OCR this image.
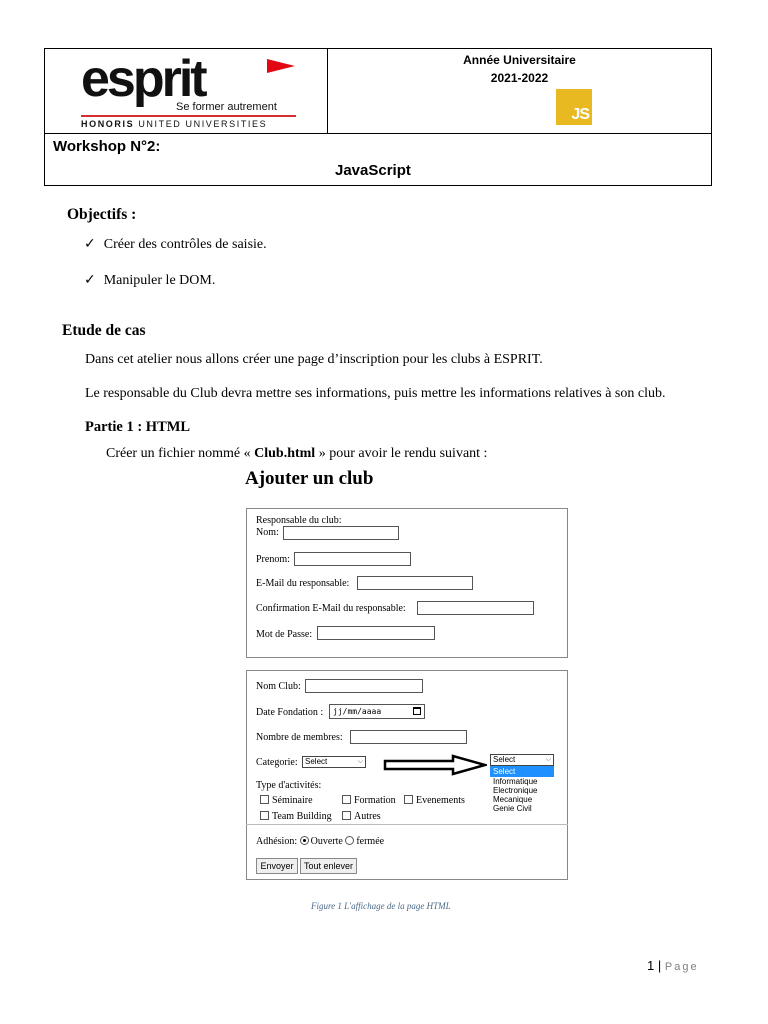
esprit
Se former autrement
HONORIS UNITED UNIVERSITIES
Année Universitaire
2021-2022
JS
Workshop N°2:
JavaScript
Objectifs :
✓ Créer des contrôles de saisie.
✓ Manipuler le DOM.
Etude de cas
Dans cet atelier nous allons créer une page d’inscription pour les clubs à ESPRIT.
Le responsable du Club devra mettre ses informations, puis mettre les informations relatives à son club.
Partie 1 : HTML
Créer un fichier nommé « Club.html » pour avoir le rendu suivant :
Ajouter un club
Responsable du club:
Nom:
Prenom:
E-Mail du responsable:
Confirmation E-Mail du responsable:
Mot de Passe:
Nom Club:
Date Fondation :	jj/mm/aaaa
Nombre de membres:
Categorie: Select	⌵
Type d'activités:
Séminaire	Formation	Evenements
Team Building	Autres
Adhésion: Ouverte fermée
Envoyer	Tout enlever
Select	⌵
Select
Informatique
Electronique
Mecanique
Genie Civil
Figure 1 L'affichage de la page HTML
1 | Page
